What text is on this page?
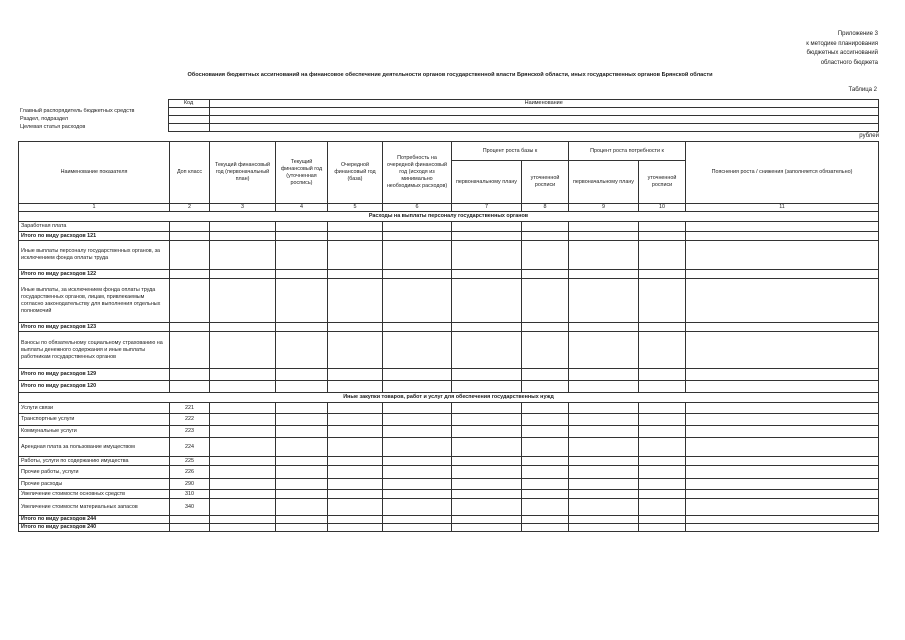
Приложение 3
к методике планирования
бюджетных ассигнований
областного бюджета
Обоснования бюджетных ассигнований на финансовое обеспечение деятельности органов государственной власти Брянской области, иных государственных органов Брянской области
Таблица 2
	Код	Наименование
Главный распорядитель бюджетных средств		
Раздел, подраздел		
Целевая статья расходов		
рублей
Наименование показателя	Доп класс	Текущий финансовый год (первоначальный план)	Текущий финансовый год (уточненная роспись)	Очередной финансовый год (база)	Потребность на очередной финансовый год (исходя из минимально необходимых расходов)	Процент роста базы к		Процент роста потребности к		Пояснения роста / снижения (заполняется обязательно)
						первоначальному плану	уточненной росписи	первоначальному плану	уточненной росписи	
1	2	3	4	5	6	7	8	9	10	11
Расходы на выплаты персоналу государственных органов										
Заработная плата										
Итого по виду расходов 121										
Иные выплаты персоналу государственных органов, за исключением фонда оплаты труда										
Итого по виду расходов 122										
Иные выплаты, за исключением фонда оплаты труда государственных органов, лицам, привлекаемым согласно законодательству для выполнения отдельных полномочий										
Итого по виду расходов 123										
Взносы по обязательному социальному страхованию на выплаты денежного содержания и иные выплаты работникам государственных органов										
Итого по виду расходов 129										
Итого по виду расходов 120										
Иные закупки товаров, работ и услуг для обеспечения государственных нужд										
Услуги связи	221									
Транспортные услуги	222									
Коммунальные услуги	223									
Арендная плата за пользование имуществом	224									
Работы, услуги по содержанию имущества	225									
Прочие работы, услуги	226									
Прочие расходы	290									
Увеличение стоимости основных средств	310									
Увеличение стоимости материальных запасов	340									
Итого по виду расходов 244										
Итого по виду расходов 240										
